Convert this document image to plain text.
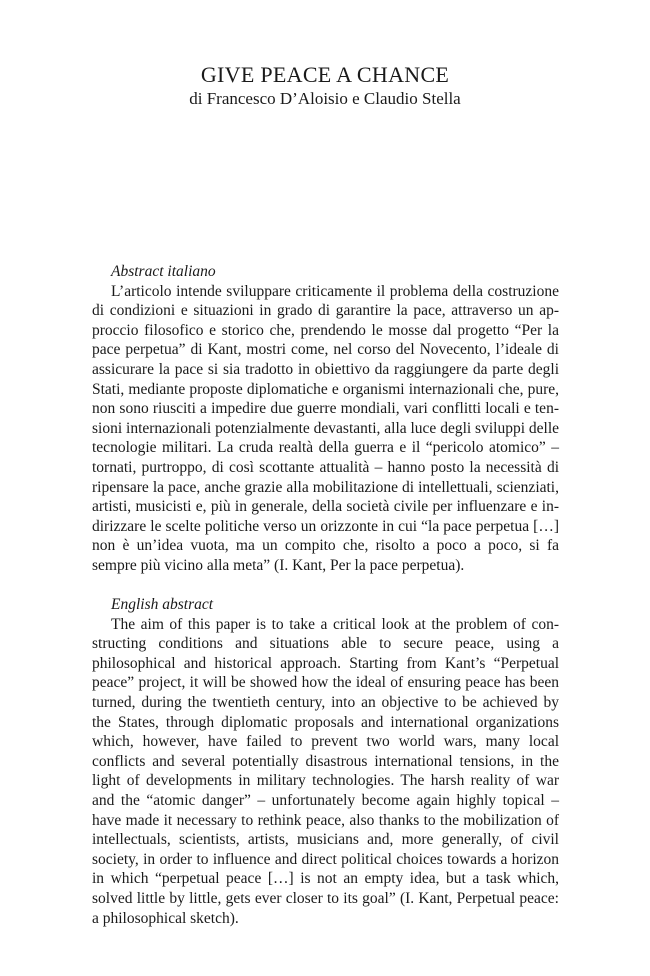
GIVE PEACE A CHANCE

di Francesco D’Aloisio e Claudio Stella

Abstract italiano

L’articolo intende sviluppare criticamente il problema della costruzione di condizioni e situazioni in grado di garantire la pace, attraverso un approccio filosofico e storico che, prendendo le mosse dal progetto “Per la pace perpetua” di Kant, mostri come, nel corso del Novecento, l’ideale di assicurare la pace si sia tradotto in obiettivo da raggiungere da parte degli Stati, mediante proposte diplomatiche e organismi internazionali che, pure, non sono riusciti a impedire due guerre mondiali, vari conflitti locali e tensioni internazionali potenzialmente devastanti, alla luce degli sviluppi delle tecnologie militari. La cruda realtà della guerra e il “pericolo atomico” – tornati, purtroppo, di così scottante attualità – hanno posto la necessità di ripensare la pace, anche grazie alla mobilitazione di intellettuali, scienziati, artisti, musicisti e, più in generale, della società civile per influenzare e indirizzare le scelte politiche verso un orizzonte in cui “la pace perpetua […] non è un’idea vuota, ma un compito che, risolto a poco a poco, si fa sempre più vicino alla meta” (I. Kant, Per la pace perpetua).

English abstract

The aim of this paper is to take a critical look at the problem of constructing conditions and situations able to secure peace, using a philosophical and historical approach. Starting from Kant’s “Perpetual peace” project, it will be showed how the ideal of ensuring peace has been turned, during the twentieth century, into an objective to be achieved by the States, through diplomatic proposals and international organizations which, however, have failed to prevent two world wars, many local conflicts and several potentially disastrous international tensions, in the light of developments in military technologies. The harsh reality of war and the “atomic danger” – unfortunately become again highly topical – have made it necessary to rethink peace, also thanks to the mobilization of intellectuals, scientists, artists, musicians and, more generally, of civil society, in order to influence and direct political choices towards a horizon in which “perpetual peace […] is not an empty idea, but a task which, solved little by little, gets ever closer to its goal” (I. Kant, Perpetual peace: a philosophical sketch).
